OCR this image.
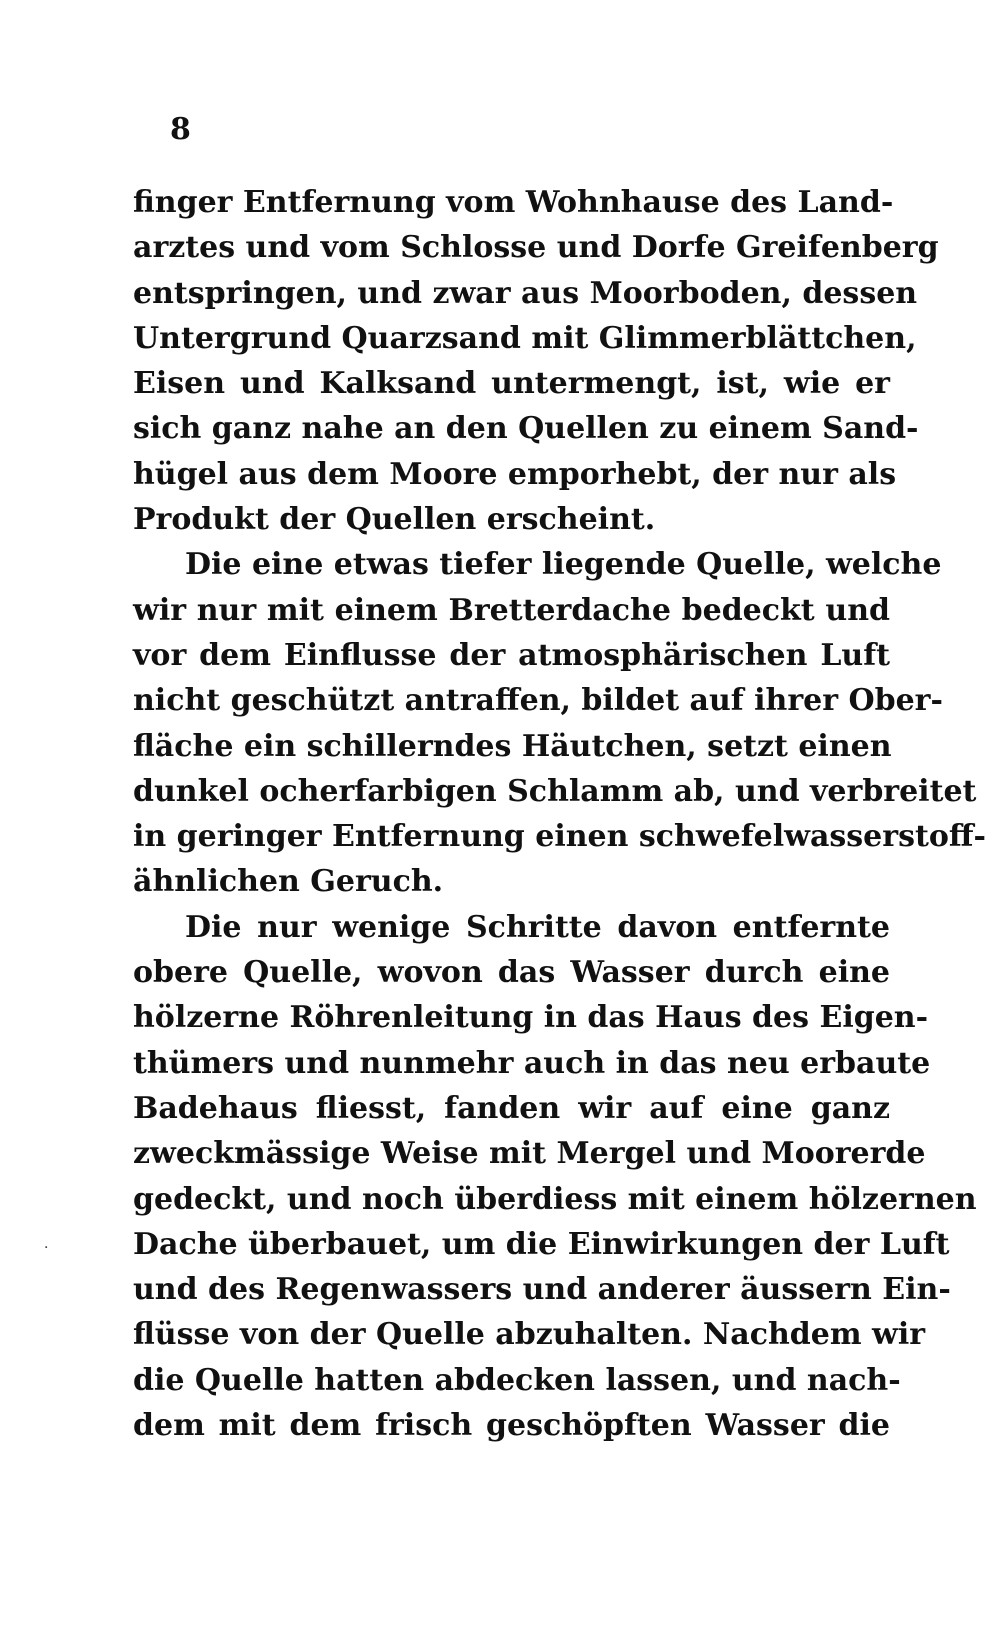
8
finger Entfernung vom Wohnhause des Land-
arztes und vom Schlosse und Dorfe Greifenberg
entspringen, und zwar aus Moorboden, dessen
Untergrund Quarzsand mit Glimmerblättchen,
Eisen und Kalksand untermengt, ist, wie er
sich ganz nahe an den Quellen zu einem Sand-
hügel aus dem Moore emporhebt, der nur als
Produkt der Quellen erscheint.
Die eine etwas tiefer liegende Quelle, welche
wir nur mit einem Bretterdache bedeckt und
vor dem Einflusse der atmosphärischen Luft
nicht geschützt antraffen, bildet auf ihrer Ober-
fläche ein schillerndes Häutchen, setzt einen
dunkel ocherfarbigen Schlamm ab, und verbreitet
in geringer Entfernung einen schwefelwasserstoff-
ähnlichen Geruch.
Die nur wenige Schritte davon entfernte
obere Quelle, wovon das Wasser durch eine
hölzerne Röhrenleitung in das Haus des Eigen-
thümers und nunmehr auch in das neu erbaute
Badehaus fliesst, fanden wir auf eine ganz
zweckmässige Weise mit Mergel und Moorerde
gedeckt, und noch überdiess mit einem hölzernen
Dache überbauet, um die Einwirkungen der Luft
und des Regenwassers und anderer äussern Ein-
flüsse von der Quelle abzuhalten. Nachdem wir
die Quelle hatten abdecken lassen, und nach-
dem mit dem frisch geschöpften Wasser die
·
